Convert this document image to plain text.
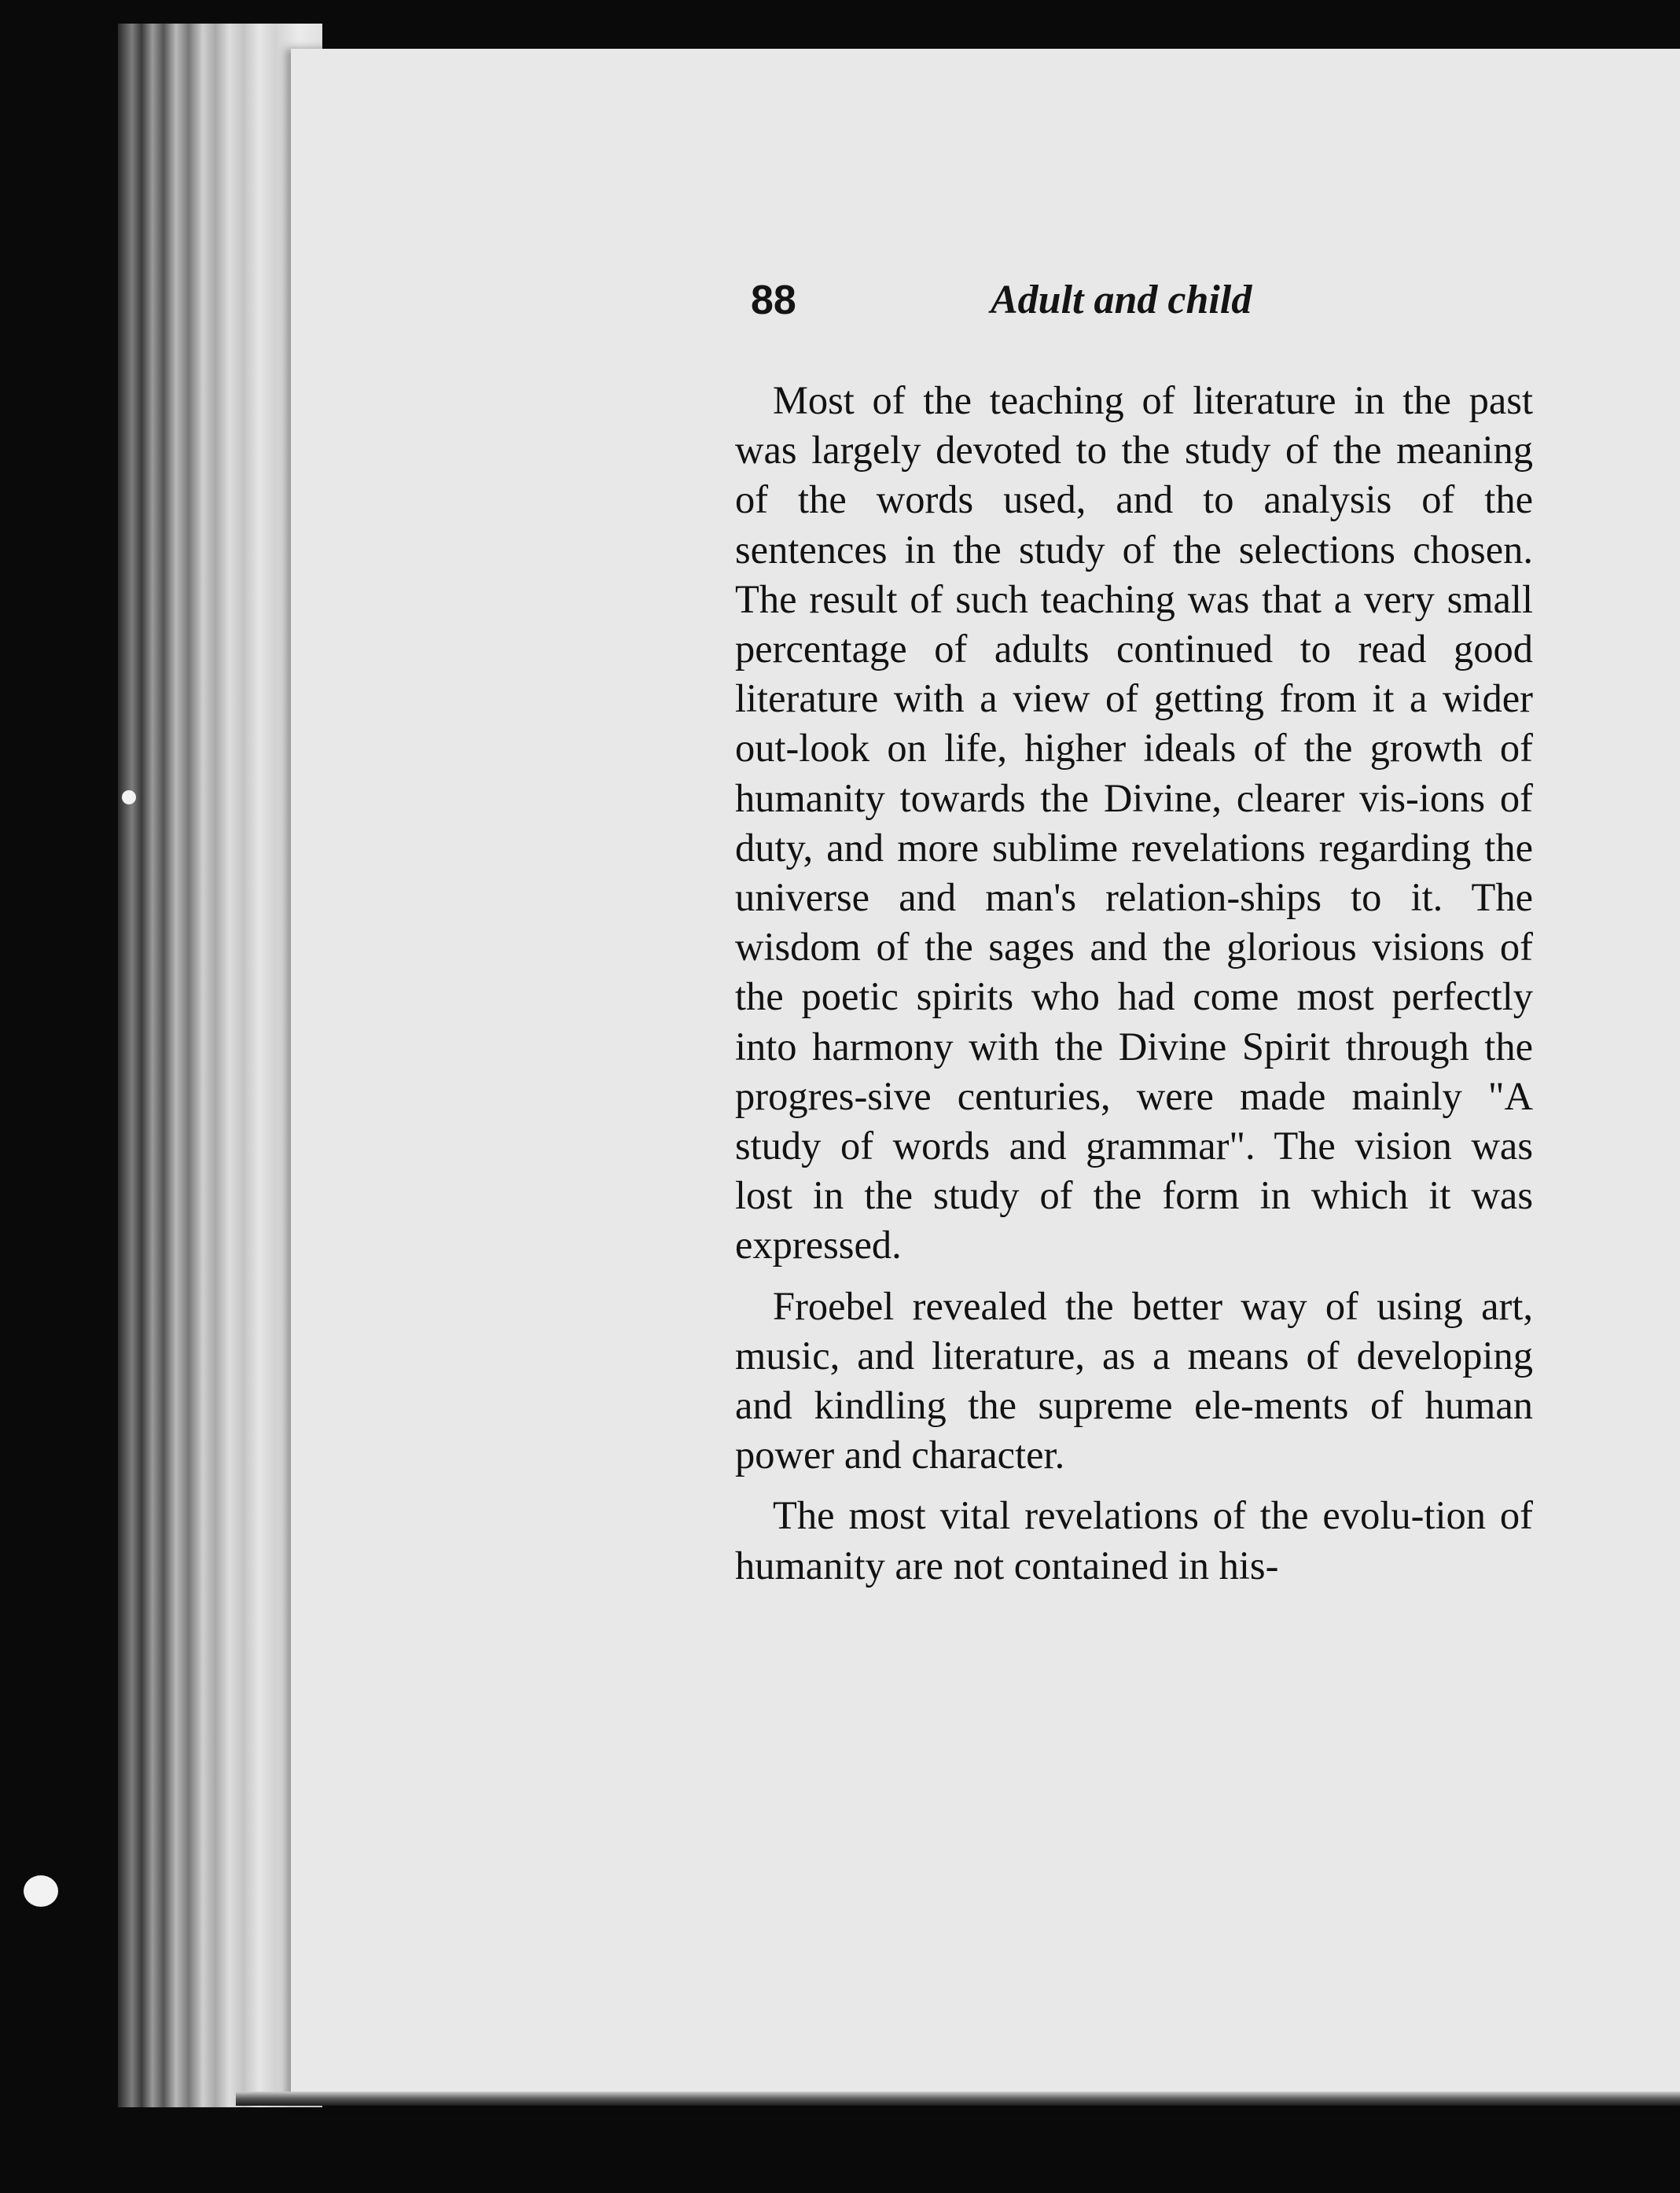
88	Adult and child

Most of the teaching of literature in the past was largely devoted to the study of the meaning of the words used, and to analysis of the sentences in the study of the selections chosen. The result of such teaching was that a very small percentage of adults continued to read good literature with a view of getting from it a wider out-look on life, higher ideals of the growth of humanity towards the Divine, clearer vis-ions of duty, and more sublime revelations regarding the universe and man's relation-ships to it. The wisdom of the sages and the glorious visions of the poetic spirits who had come most perfectly into harmony with the Divine Spirit through the progres-sive centuries, were made mainly "A study of words and grammar". The vision was lost in the study of the form in which it was expressed.

Froebel revealed the better way of using art, music, and literature, as a means of developing and kindling the supreme ele-ments of human power and character.

The most vital revelations of the evolu-tion of humanity are not contained in his-
